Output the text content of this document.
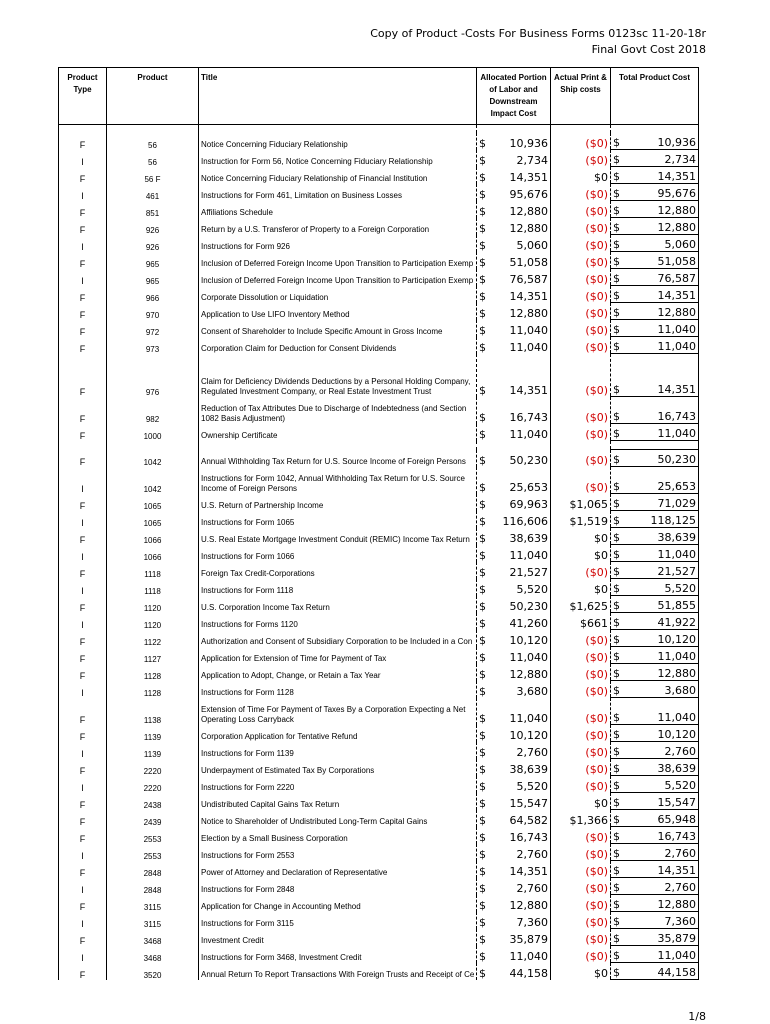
Copy of Product -Costs For Business Forms 0123sc 11-20-18r
Final Govt Cost 2018
Product Type	Product	Title	Allocated Portion of Labor and Downstream Impact Cost	Actual Print & Ship costs	Total Product Cost

F	56	Notice Concerning Fiduciary Relationship	$ 10,936	($0)	$ 10,936
I	56	Instruction for Form 56, Notice Concerning Fiduciary Relationship	$ 2,734	($0)	$ 2,734
F	56 F	Notice Concerning Fiduciary Relationship of Financial Institution	$ 14,351	$0	$ 14,351
I	461	Instructions for Form 461, Limitation on Business Losses	$ 95,676	($0)	$ 95,676
F	851	Affiliations Schedule	$ 12,880	($0)	$ 12,880
F	926	Return by a U.S. Transferor of Property to a Foreign Corporation	$ 12,880	($0)	$ 12,880
I	926	Instructions for Form 926	$ 5,060	($0)	$ 5,060
F	965	Inclusion of Deferred Foreign Income Upon Transition to Participation Exemp	$ 51,058	($0)	$ 51,058
I	965	Inclusion of Deferred Foreign Income Upon Transition to Participation Exemp	$ 76,587	($0)	$ 76,587
F	966	Corporate Dissolution or Liquidation	$ 14,351	($0)	$ 14,351
F	970	Application to Use LIFO Inventory Method	$ 12,880	($0)	$ 12,880
F	972	Consent of Shareholder to Include Specific Amount in Gross Income	$ 11,040	($0)	$ 11,040
F	973	Corporation Claim for Deduction for Consent Dividends	$ 11,040	($0)	$ 11,040
F	976	Claim for Deficiency Dividends Deductions by a Personal Holding Company, Regulated Investment Company, or Real Estate Investment Trust	$ 14,351	($0)	$ 14,351
F	982	Reduction of Tax Attributes Due to Discharge of Indebtedness (and Section 1082 Basis Adjustment)	$ 16,743	($0)	$ 16,743
F	1000	Ownership Certificate	$ 11,040	($0)	$ 11,040

F	1042	Annual Withholding Tax Return for U.S. Source Income of Foreign Persons	$ 50,230	($0)	$ 50,230
I	1042	Instructions for Form 1042, Annual Withholding Tax Return for U.S. Source Income of Foreign Persons	$ 25,653	($0)	$ 25,653
F	1065	U.S. Return of Partnership Income	$ 69,963	$1,065	$ 71,029
I	1065	Instructions for Form 1065	$ 116,606	$1,519	$ 118,125
F	1066	U.S. Real Estate Mortgage Investment Conduit (REMIC) Income Tax Return	$ 38,639	$0	$ 38,639
I	1066	Instructions for Form 1066	$ 11,040	$0	$ 11,040
F	1118	Foreign Tax Credit-Corporations	$ 21,527	($0)	$ 21,527
I	1118	Instructions for Form 1118	$ 5,520	$0	$ 5,520
F	1120	U.S. Corporation Income Tax Return	$ 50,230	$1,625	$ 51,855
I	1120	Instructions for Forms 1120	$ 41,260	$661	$ 41,922
F	1122	Authorization and Consent of Subsidiary Corporation to be Included in a Con	$ 10,120	($0)	$ 10,120
F	1127	Application for Extension of Time for Payment of Tax	$ 11,040	($0)	$ 11,040
F	1128	Application to Adopt, Change, or Retain a Tax Year	$ 12,880	($0)	$ 12,880
I	1128	Instructions for Form 1128	$ 3,680	($0)	$ 3,680
F	1138	Extension of Time For Payment of Taxes By a Corporation Expecting a Net Operating Loss Carryback	$ 11,040	($0)	$ 11,040
F	1139	Corporation Application for Tentative Refund	$ 10,120	($0)	$ 10,120
I	1139	Instructions for Form 1139	$ 2,760	($0)	$ 2,760
F	2220	Underpayment of Estimated Tax By Corporations	$ 38,639	($0)	$ 38,639
I	2220	Instructions for Form 2220	$ 5,520	($0)	$ 5,520
F	2438	Undistributed Capital Gains Tax Return	$ 15,547	$0	$ 15,547
F	2439	Notice to Shareholder of Undistributed Long-Term Capital Gains	$ 64,582	$1,366	$ 65,948
F	2553	Election by a Small Business Corporation	$ 16,743	($0)	$ 16,743
I	2553	Instructions for Form 2553	$ 2,760	($0)	$ 2,760
F	2848	Power of Attorney and Declaration of Representative	$ 14,351	($0)	$ 14,351
I	2848	Instructions for Form 2848	$ 2,760	($0)	$ 2,760
F	3115	Application for Change in Accounting Method	$ 12,880	($0)	$ 12,880
I	3115	Instructions for Form 3115	$ 7,360	($0)	$ 7,360
F	3468	Investment Credit	$ 35,879	($0)	$ 35,879
I	3468	Instructions for Form 3468, Investment Credit	$ 11,040	($0)	$ 11,040
F	3520	Annual Return To Report Transactions With Foreign Trusts and Receipt of Ce	$ 44,158	$0	$ 44,158
1/8
